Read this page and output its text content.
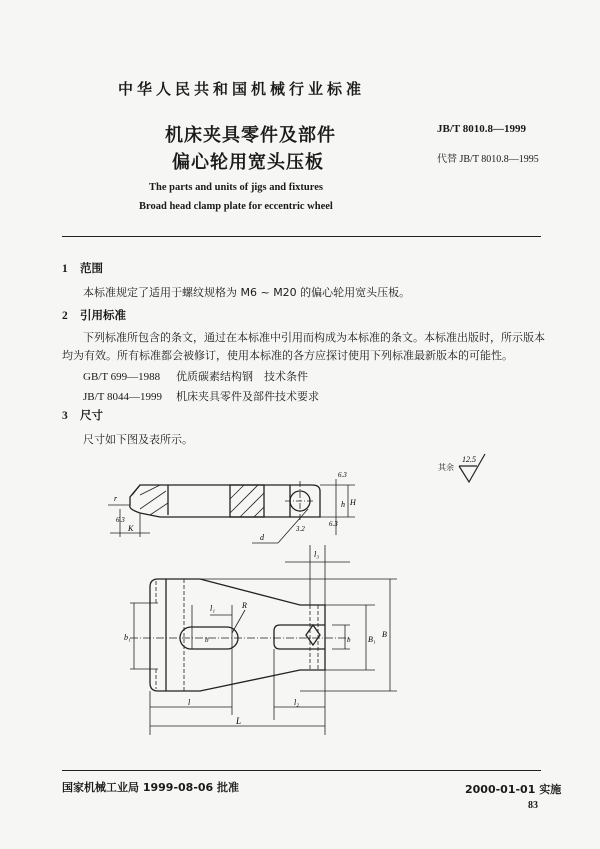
中华人民共和国机械行业标准
机床夹具零件及部件
偏心轮用宽头压板
JB/T 8010.8—1999
代替 JB/T 8010.8—1995
The parts and units of jigs and fixtures
Broad head clamp plate for eccentric wheel
1 范围
本标准规定了适用于螺纹规格为 M6 ~ M20 的偏心轮用宽头压板。
2 引用标准
下列标准所包含的条文，通过在本标准中引用而构成为本标准的条文。本标准出版时，所示版本
均为有效。所有标准都会被修订，使用本标准的各方应探讨使用下列标准最新版本的可能性。
GB/T 699—1988 优质碳素结构钢　技术条件
JB/T 8044—1999 机床夹具零件及部件技术要求
3 尺寸
尺寸如下图及表所示。
其余
12.5
r
K
d
h H
6.3	6.3
6.3
3.2
l₁	R
b₁	b	b B₁
B
l	l₂
l₃
L
国家机械工业局 1999-08-06 批准	2000-01-01 实施
83
